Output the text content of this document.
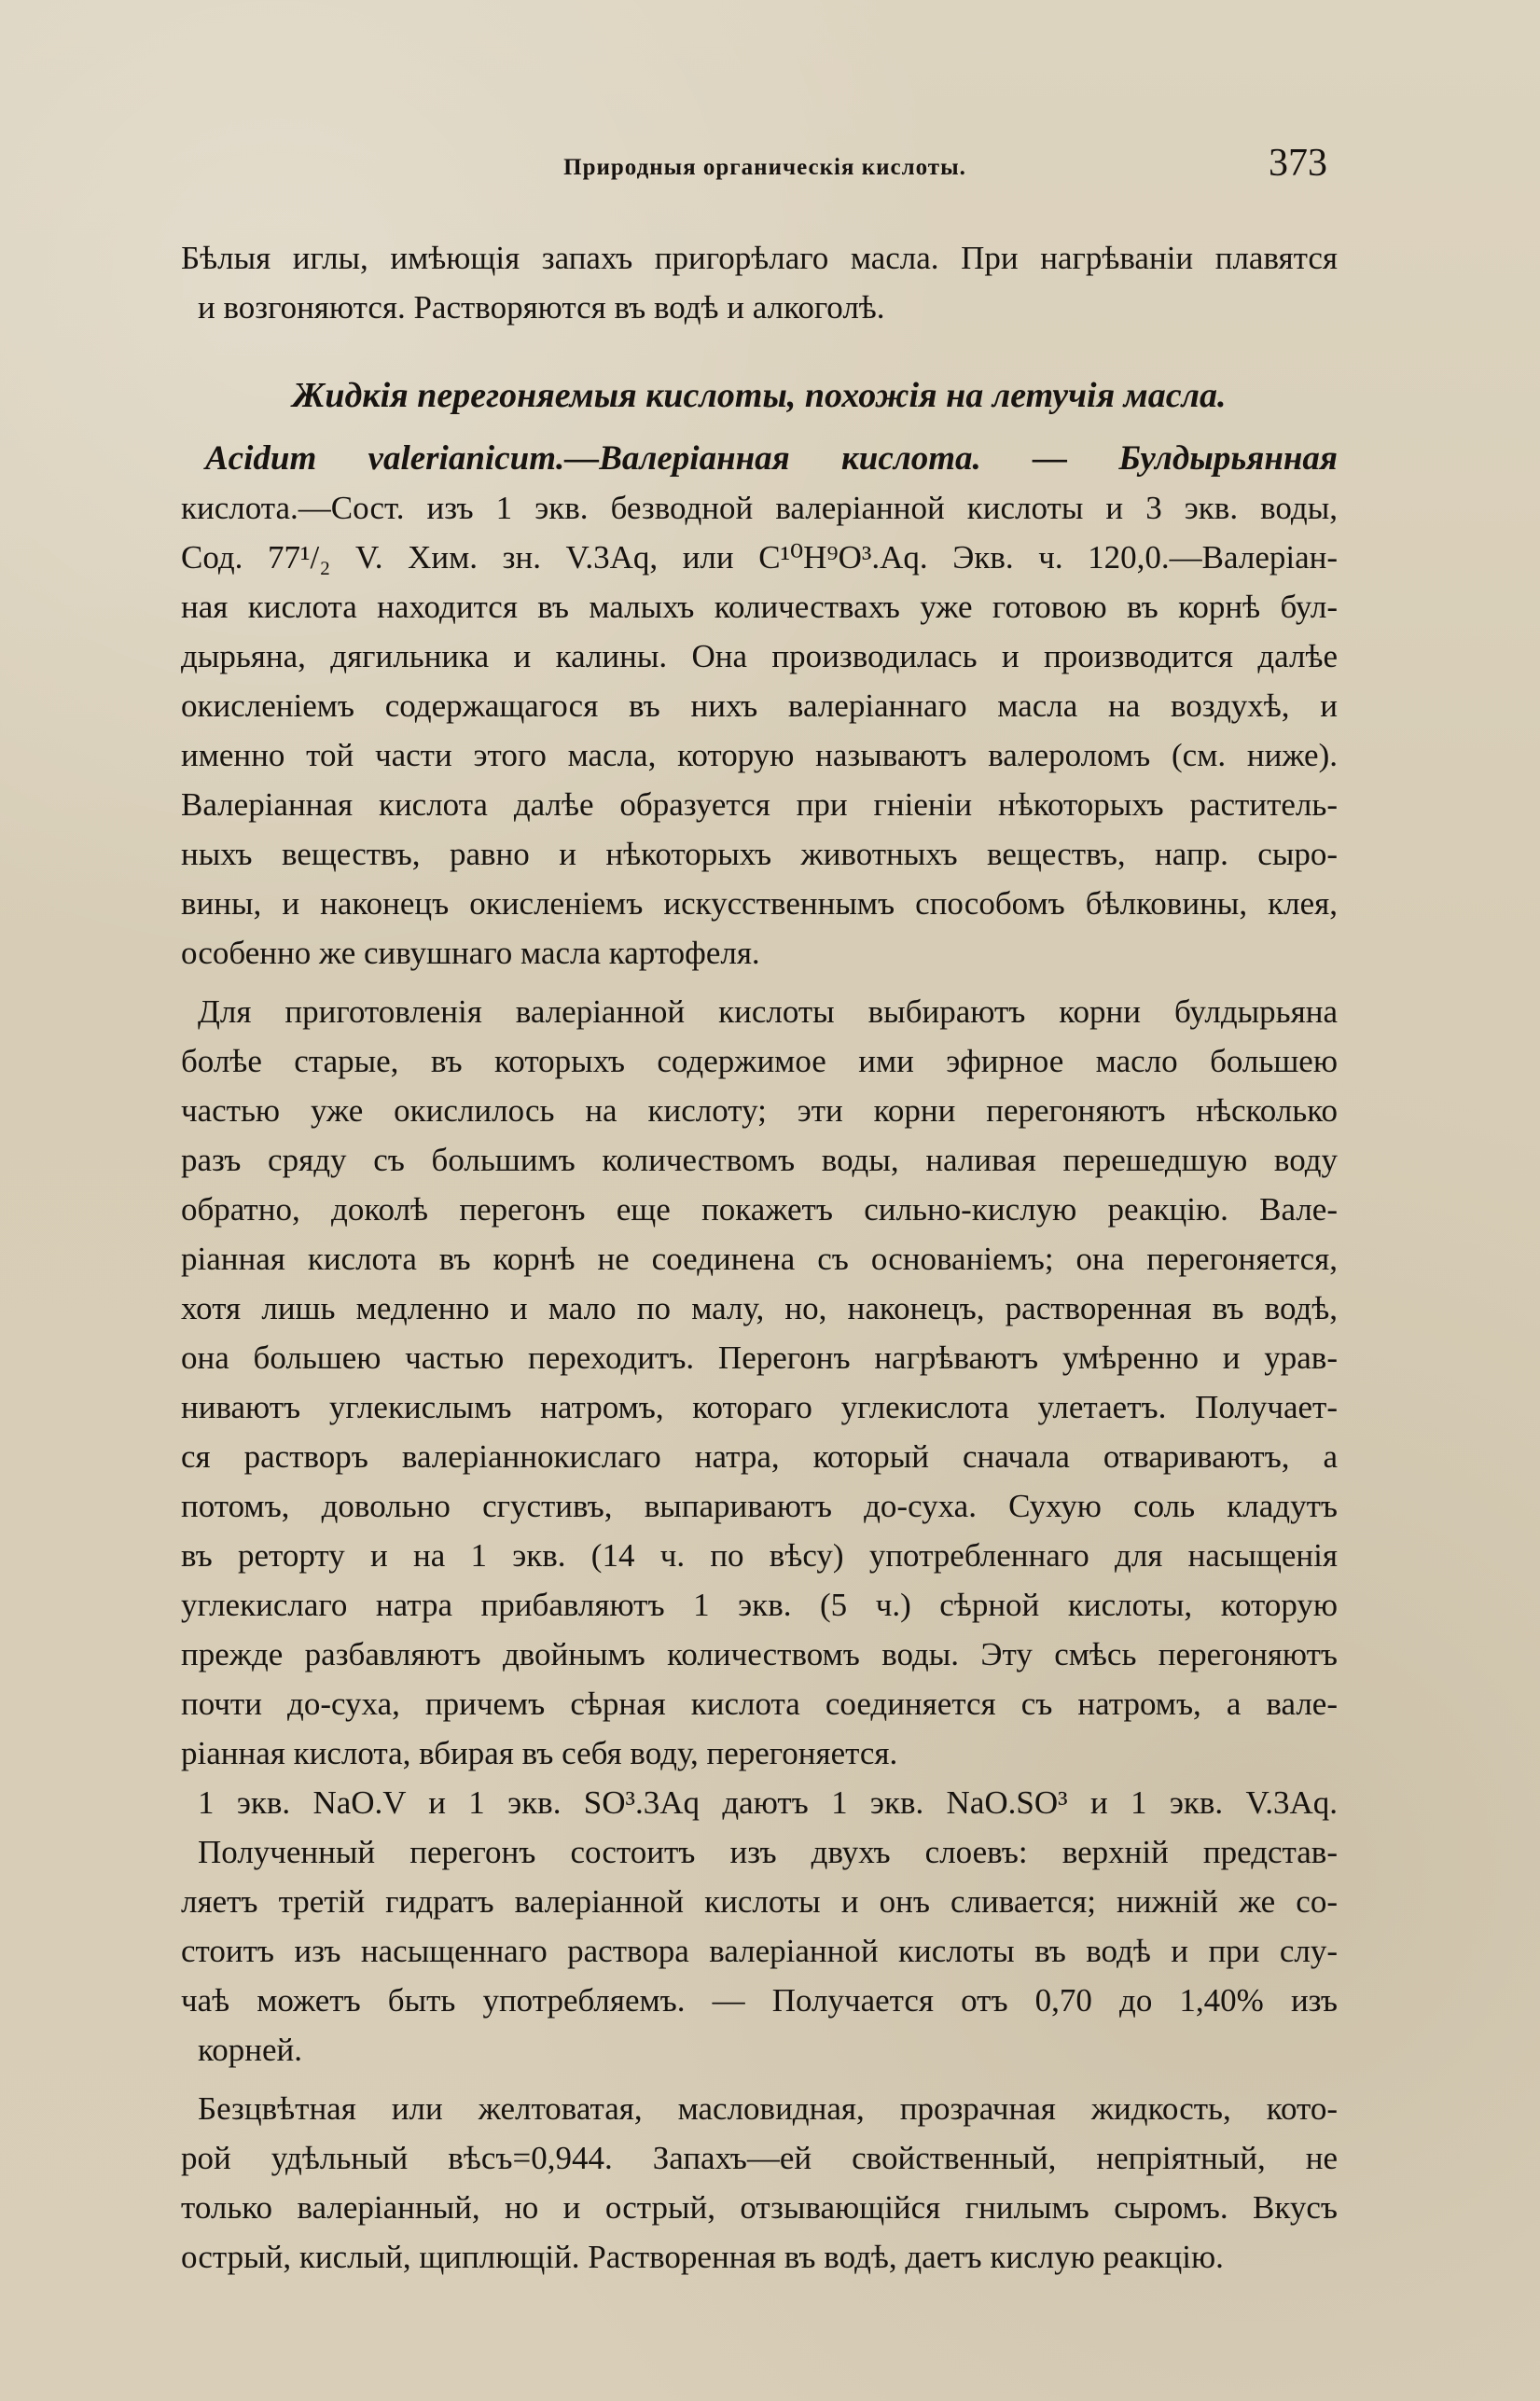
Природныя органическія кислоты.	373
Бѣлыя иглы, имѣющія запахъ пригорѣлаго масла. При нагрѣваніи плавятся
и возгоняются. Растворяются въ водѣ и алкоголѣ.
Жидкія перегоняемыя кислоты, похожія на летучія масла.
Acidum valerianicum.—Валеріанная кислота. — Булдырьянная
кислота.—Сост. изъ 1 экв. безводной валеріанной кислоты и 3 экв. воды,
Сод. 77¹/₂ V. Хим. зн. V.3Aq, или C¹⁰H⁹O³.Aq. Экв. ч. 120,0.—Валеріан-
ная кислота находится въ малыхъ количествахъ уже готовою въ корнѣ бул-
дырьяна, дягильника и калины. Она производилась и производится далѣе
окисленіемъ содержащагося въ нихъ валеріаннаго масла на воздухѣ, и
именно той части этого масла, которую называютъ валероломъ (см. ниже).
Валеріанная кислота далѣе образуется при гніеніи нѣкоторыхъ раститель-
ныхъ веществъ, равно и нѣкоторыхъ животныхъ веществъ, напр. сыро-
вины, и наконецъ окисленіемъ искусственнымъ способомъ бѣлковины, клея,
особенно же сивушнаго масла картофеля.
Для приготовленія валеріанной кислоты выбираютъ корни булдырьяна
болѣе старые, въ которыхъ содержимое ими эфирное масло большею
частью уже окислилось на кислоту; эти корни перегоняютъ нѣсколько
разъ сряду съ большимъ количествомъ воды, наливая перешедшую воду
обратно, доколѣ перегонъ еще покажетъ сильно-кислую реакцію. Вале-
ріанная кислота въ корнѣ не соединена съ основаніемъ; она перегоняется,
хотя лишь медленно и мало по малу, но, наконецъ, растворенная въ водѣ,
она большею частью переходитъ. Перегонъ нагрѣваютъ умѣренно и урав-
ниваютъ углекислымъ натромъ, котораго углекислота улетаетъ. Получает-
ся растворъ валеріаннокислаго натра, который сначала отвариваютъ, а
потомъ, довольно сгустивъ, выпариваютъ до-суха. Сухую соль кладутъ
въ реторту и на 1 экв. (14 ч. по вѣсу) употребленнаго для насыщенія
углекислаго натра прибавляютъ 1 экв. (5 ч.) сѣрной кислоты, которую
прежде разбавляютъ двойнымъ количествомъ воды. Эту смѣсь перегоняютъ
почти до-суха, причемъ сѣрная кислота соединяется съ натромъ, а вале-
ріанная кислота, вбирая въ себя воду, перегоняется.
1 экв. NaO.V и 1 экв. SO³.3Aq даютъ 1 экв. NaO.SO³ и 1 экв. V.3Aq.
Полученный перегонъ состоитъ изъ двухъ слоевъ: верхній представ-
ляетъ третій гидратъ валеріанной кислоты и онъ сливается; нижній же со-
стоитъ изъ насыщеннаго раствора валеріанной кислоты въ водѣ и при слу-
чаѣ можетъ быть употребляемъ. — Получается отъ 0,70 до 1,40% изъ
корней.
Безцвѣтная или желтоватая, масловидная, прозрачная жидкость, кото-
рой удѣльный вѣсъ=0,944. Запахъ—ей свойственный, непріятный, не
только валеріанный, но и острый, отзывающійся гнилымъ сыромъ. Вкусъ
острый, кислый, щиплющій. Растворенная въ водѣ, даетъ кислую реакцію.
